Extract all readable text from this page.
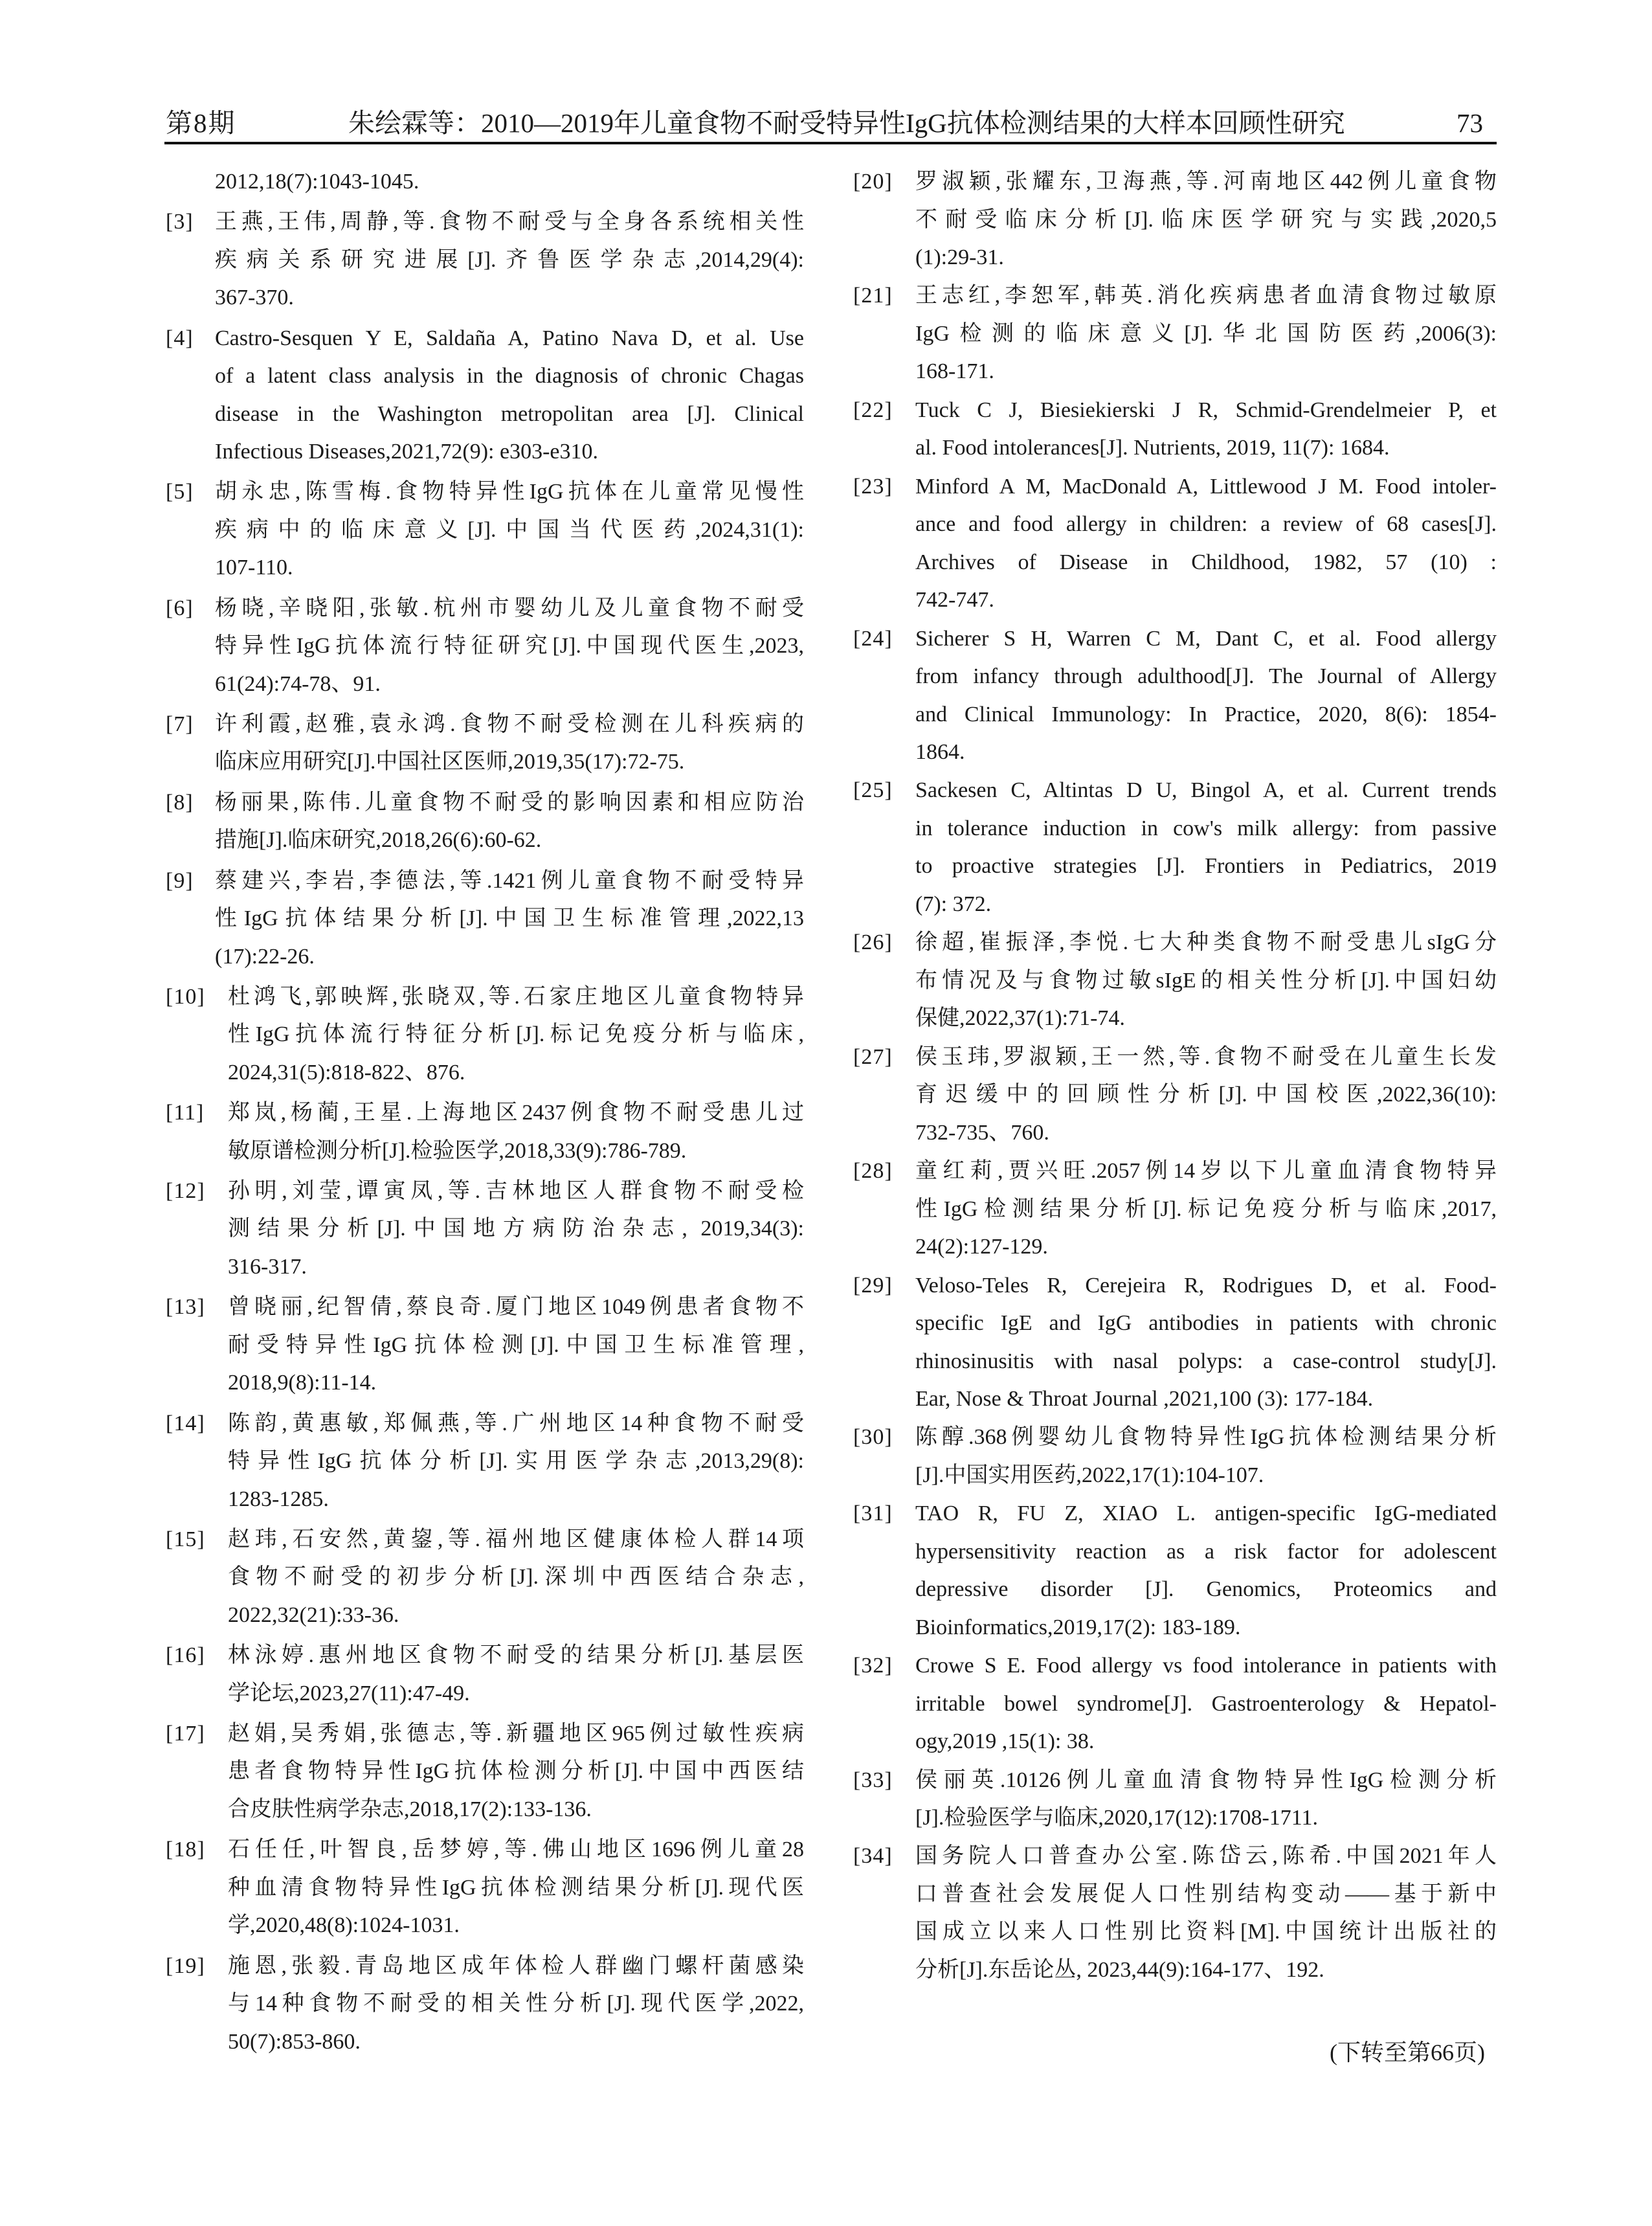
第8期	朱绘霖等：2010—2019年儿童食物不耐受特异性IgG抗体检测结果的大样本回顾性研究	73
2012,18(7):1043-1045.
[3] 王燕,王伟,周静,等.食物不耐受与全身各系统相关性
疾病关系研究进展[J].齐鲁医学杂志,2014,29(4):
367-370.
[4] Castro-Sesquen Y E, Saldaña A, Patino Nava D, et al. Use
of a latent class analysis in the diagnosis of chronic Chagas
disease in the Washington metropolitan area [J]. Clinical
Infectious Diseases,2021,72(9): e303-e310.
[5] 胡永忠,陈雪梅.食物特异性IgG抗体在儿童常见慢性
疾病中的临床意义[J].中国当代医药,2024,31(1):
107-110.
[6] 杨晓,辛晓阳,张敏.杭州市婴幼儿及儿童食物不耐受
特异性IgG抗体流行特征研究[J].中国现代医生,2023,
61(24):74-78、91.
[7] 许利霞,赵雅,袁永鸿.食物不耐受检测在儿科疾病的
临床应用研究[J].中国社区医师,2019,35(17):72-75.
[8] 杨丽果,陈伟.儿童食物不耐受的影响因素和相应防治
措施[J].临床研究,2018,26(6):60-62.
[9] 蔡建兴,李岩,李德法,等.1421例儿童食物不耐受特异
性IgG抗体结果分析[J].中国卫生标准管理,2022,13
(17):22-26.
[10] 杜鸿飞,郭映辉,张晓双,等.石家庄地区儿童食物特异
性IgG抗体流行特征分析[J].标记免疫分析与临床,
2024,31(5):818-822、876.
[11] 郑岚,杨蔺,王星.上海地区2437例食物不耐受患儿过
敏原谱检测分析[J].检验医学,2018,33(9):786-789.
[12] 孙明,刘莹,谭寅凤,等.吉林地区人群食物不耐受检
测结果分析[J].中国地方病防治杂志, 2019,34(3):
316-317.
[13] 曾晓丽,纪智倩,蔡良奇.厦门地区1049例患者食物不
耐受特异性IgG抗体检测[J].中国卫生标准管理,
2018,9(8):11-14.
[14] 陈韵,黄惠敏,郑佩燕,等.广州地区14种食物不耐受
特异性IgG抗体分析[J].实用医学杂志,2013,29(8):
1283-1285.
[15] 赵玮,石安然,黄鋆,等.福州地区健康体检人群14项
食物不耐受的初步分析[J].深圳中西医结合杂志,
2022,32(21):33-36.
[16] 林泳婷.惠州地区食物不耐受的结果分析[J].基层医
学论坛,2023,27(11):47-49.
[17] 赵娟,吴秀娟,张德志,等.新疆地区965例过敏性疾病
患者食物特异性IgG抗体检测分析[J].中国中西医结
合皮肤性病学杂志,2018,17(2):133-136.
[18] 石任任,叶智良,岳梦婷,等.佛山地区1696例儿童28
种血清食物特异性IgG抗体检测结果分析[J].现代医
学,2020,48(8):1024-1031.
[19] 施恩,张毅.青岛地区成年体检人群幽门螺杆菌感染
与14种食物不耐受的相关性分析[J].现代医学,2022,
50(7):853-860.
[20] 罗淑颖,张耀东,卫海燕,等.河南地区442例儿童食物
不耐受临床分析[J].临床医学研究与实践,2020,5
(1):29-31.
[21] 王志红,李恕军,韩英.消化疾病患者血清食物过敏原
IgG检测的临床意义[J].华北国防医药,2006(3):
168-171.
[22] Tuck C J, Biesiekierski J R, Schmid-Grendelmeier P, et
al. Food intolerances[J]. Nutrients, 2019, 11(7): 1684.
[23] Minford A M, MacDonald A, Littlewood J M. Food intoler-
ance and food allergy in children: a review of 68 cases[J].
Archives of Disease in Childhood, 1982, 57 (10) :
742-747.
[24] Sicherer S H, Warren C M, Dant C, et al. Food allergy
from infancy through adulthood[J]. The Journal of Allergy
and Clinical Immunology: In Practice, 2020, 8(6): 1854-
1864.
[25] Sackesen C, Altintas D U, Bingol A, et al. Current trends
in tolerance induction in cow's milk allergy: from passive
to proactive strategies [J]. Frontiers in Pediatrics, 2019
(7): 372.
[26] 徐超,崔振泽,李悦.七大种类食物不耐受患儿sIgG分
布情况及与食物过敏sIgE的相关性分析[J].中国妇幼
保健,2022,37(1):71-74.
[27] 侯玉玮,罗淑颖,王一然,等.食物不耐受在儿童生长发
育迟缓中的回顾性分析[J].中国校医,2022,36(10):
732-735、760.
[28] 童红莉,贾兴旺.2057例14岁以下儿童血清食物特异
性IgG检测结果分析[J].标记免疫分析与临床,2017,
24(2):127-129.
[29] Veloso-Teles R, Cerejeira R, Rodrigues D, et al. Food-
specific IgE and IgG antibodies in patients with chronic
rhinosinusitis with nasal polyps: a case-control study[J].
Ear, Nose & Throat Journal ,2021,100 (3): 177-184.
[30] 陈醇.368例婴幼儿食物特异性IgG抗体检测结果分析
[J].中国实用医药,2022,17(1):104-107.
[31] TAO R, FU Z, XIAO L. antigen-specific IgG-mediated
hypersensitivity reaction as a risk factor for adolescent
depressive disorder [J]. Genomics, Proteomics and
Bioinformatics,2019,17(2): 183-189.
[32] Crowe S E. Food allergy vs food intolerance in patients with
irritable bowel syndrome[J]. Gastroenterology & Hepatol-
ogy,2019 ,15(1): 38.
[33] 侯丽英.10126例儿童血清食物特异性IgG检测分析
[J].检验医学与临床,2020,17(12):1708-1711.
[34] 国务院人口普查办公室.陈岱云,陈希.中国2021年人
口普查社会发展促人口性别结构变动——基于新中
国成立以来人口性别比资料[M].中国统计出版社的
分析[J].东岳论丛, 2023,44(9):164-177、192.
(下转至第66页)
